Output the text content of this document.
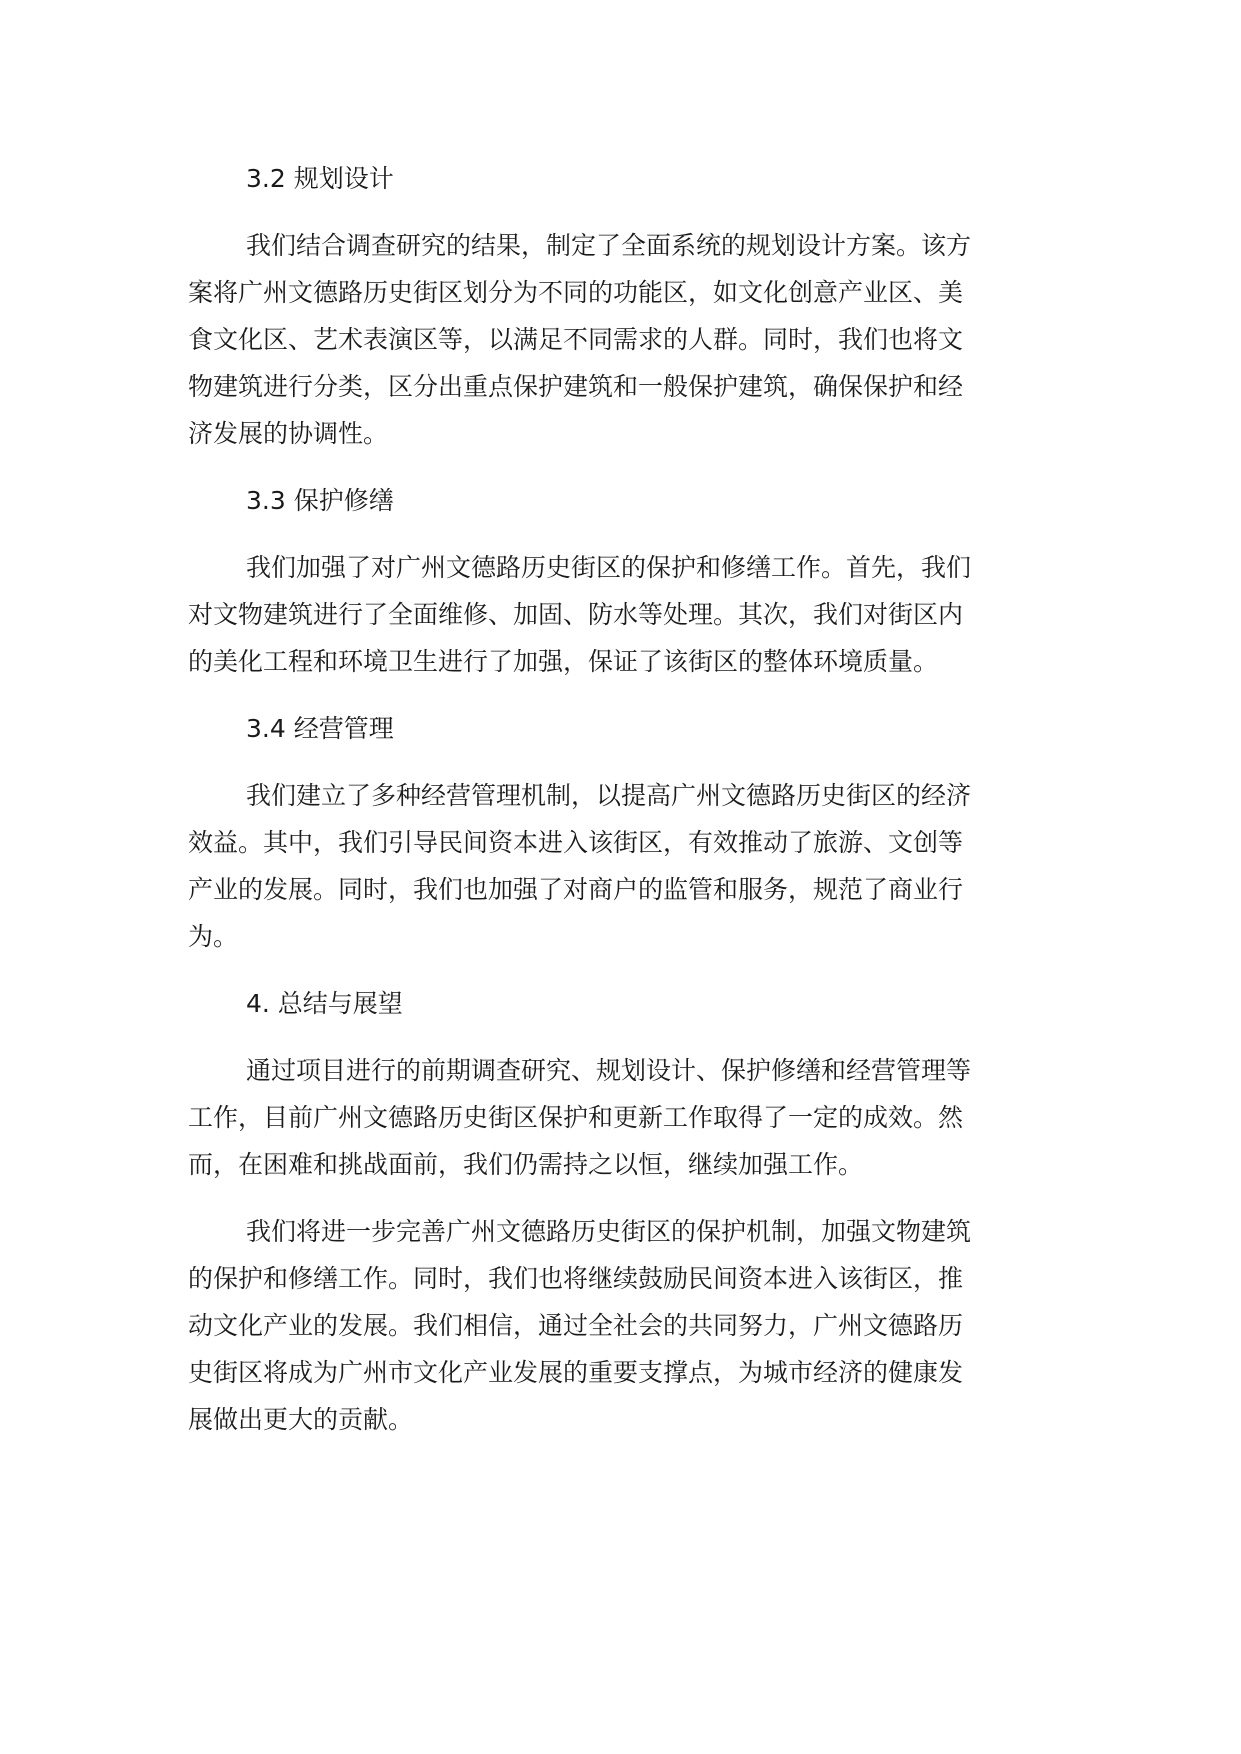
3.2 规划设计

我们结合调查研究的结果，制定了全面系统的规划设计方案。该方
案将广州文德路历史街区划分为不同的功能区，如文化创意产业区、美
食文化区、艺术表演区等，以满足不同需求的人群。同时，我们也将文
物建筑进行分类，区分出重点保护建筑和一般保护建筑，确保保护和经
济发展的协调性。

3.3 保护修缮

我们加强了对广州文德路历史街区的保护和修缮工作。首先，我们
对文物建筑进行了全面维修、加固、防水等处理。其次，我们对街区内
的美化工程和环境卫生进行了加强，保证了该街区的整体环境质量。

3.4 经营管理

我们建立了多种经营管理机制，以提高广州文德路历史街区的经济
效益。其中，我们引导民间资本进入该街区，有效推动了旅游、文创等
产业的发展。同时，我们也加强了对商户的监管和服务，规范了商业行
为。

4. 总结与展望

通过项目进行的前期调查研究、规划设计、保护修缮和经营管理等
工作，目前广州文德路历史街区保护和更新工作取得了一定的成效。然
而，在困难和挑战面前，我们仍需持之以恒，继续加强工作。

我们将进一步完善广州文德路历史街区的保护机制，加强文物建筑
的保护和修缮工作。同时，我们也将继续鼓励民间资本进入该街区，推
动文化产业的发展。我们相信，通过全社会的共同努力，广州文德路历
史街区将成为广州市文化产业发展的重要支撑点，为城市经济的健康发
展做出更大的贡献。
